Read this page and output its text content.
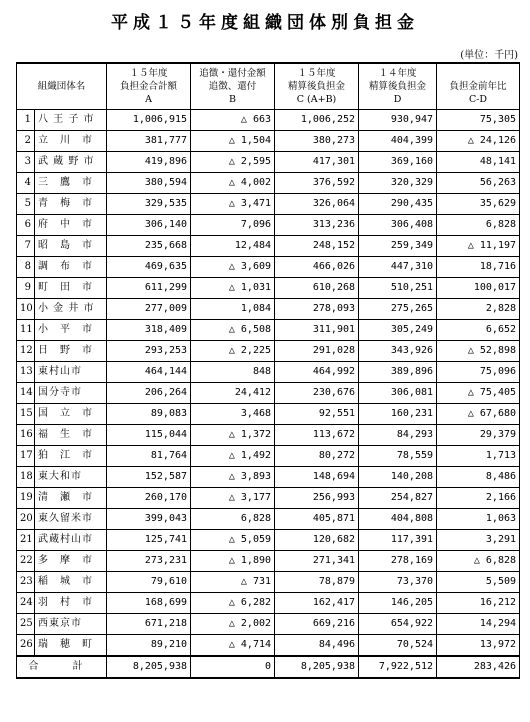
平成１５年度組織団体別負担金
(単位：千円)
組織団体名		１５年度
負担金合計額
A	追徴・還付金額
追徴、還付
B	１５年度
精算後負担金
C (A+B)	１４年度
精算後負担金
D	負担金前年比
C-D
1	八 王 子 市	1,006,915	△ 663	1,006,252	930,947	75,305
2	立　川　市	381,777	△ 1,504	380,273	404,399	△ 24,126
3	武 蔵 野 市	419,896	△ 2,595	417,301	369,160	48,141
4	三　鷹　市	380,594	△ 4,002	376,592	320,329	56,263
5	青　梅　市	329,535	△ 3,471	326,064	290,435	35,629
6	府　中　市	306,140	7,096	313,236	306,408	6,828
7	昭　島　市	235,668	12,484	248,152	259,349	△ 11,197
8	調　布　市	469,635	△ 3,609	466,026	447,310	18,716
9	町　田　市	611,299	△ 1,031	610,268	510,251	100,017
10	小 金 井 市	277,009	1,084	278,093	275,265	2,828
11	小　平　市	318,409	△ 6,508	311,901	305,249	6,652
12	日　野　市	293,253	△ 2,225	291,028	343,926	△ 52,898
13	東村山市	464,144	848	464,992	389,896	75,096
14	国分寺市	206,264	24,412	230,676	306,081	△ 75,405
15	国　立　市	89,083	3,468	92,551	160,231	△ 67,680
16	福　生　市	115,044	△ 1,372	113,672	84,293	29,379
17	狛　江　市	81,764	△ 1,492	80,272	78,559	1,713
18	東大和市	152,587	△ 3,893	148,694	140,208	8,486
19	清　瀬　市	260,170	△ 3,177	256,993	254,827	2,166
20	東久留米市	399,043	6,828	405,871	404,808	1,063
21	武蔵村山市	125,741	△ 5,059	120,682	117,391	3,291
22	多　摩　市	273,231	△ 1,890	271,341	278,169	△ 6,828
23	稲　城　市	79,610	△ 731	78,879	73,370	5,509
24	羽　村　市	168,699	△ 6,282	162,417	146,205	16,212
25	西東京市	671,218	△ 2,002	669,216	654,922	14,294
26	瑞　穂　町	89,210	△ 4,714	84,496	70,524	13,972
合　計		8,205,938	0	8,205,938	7,922,512	283,426
